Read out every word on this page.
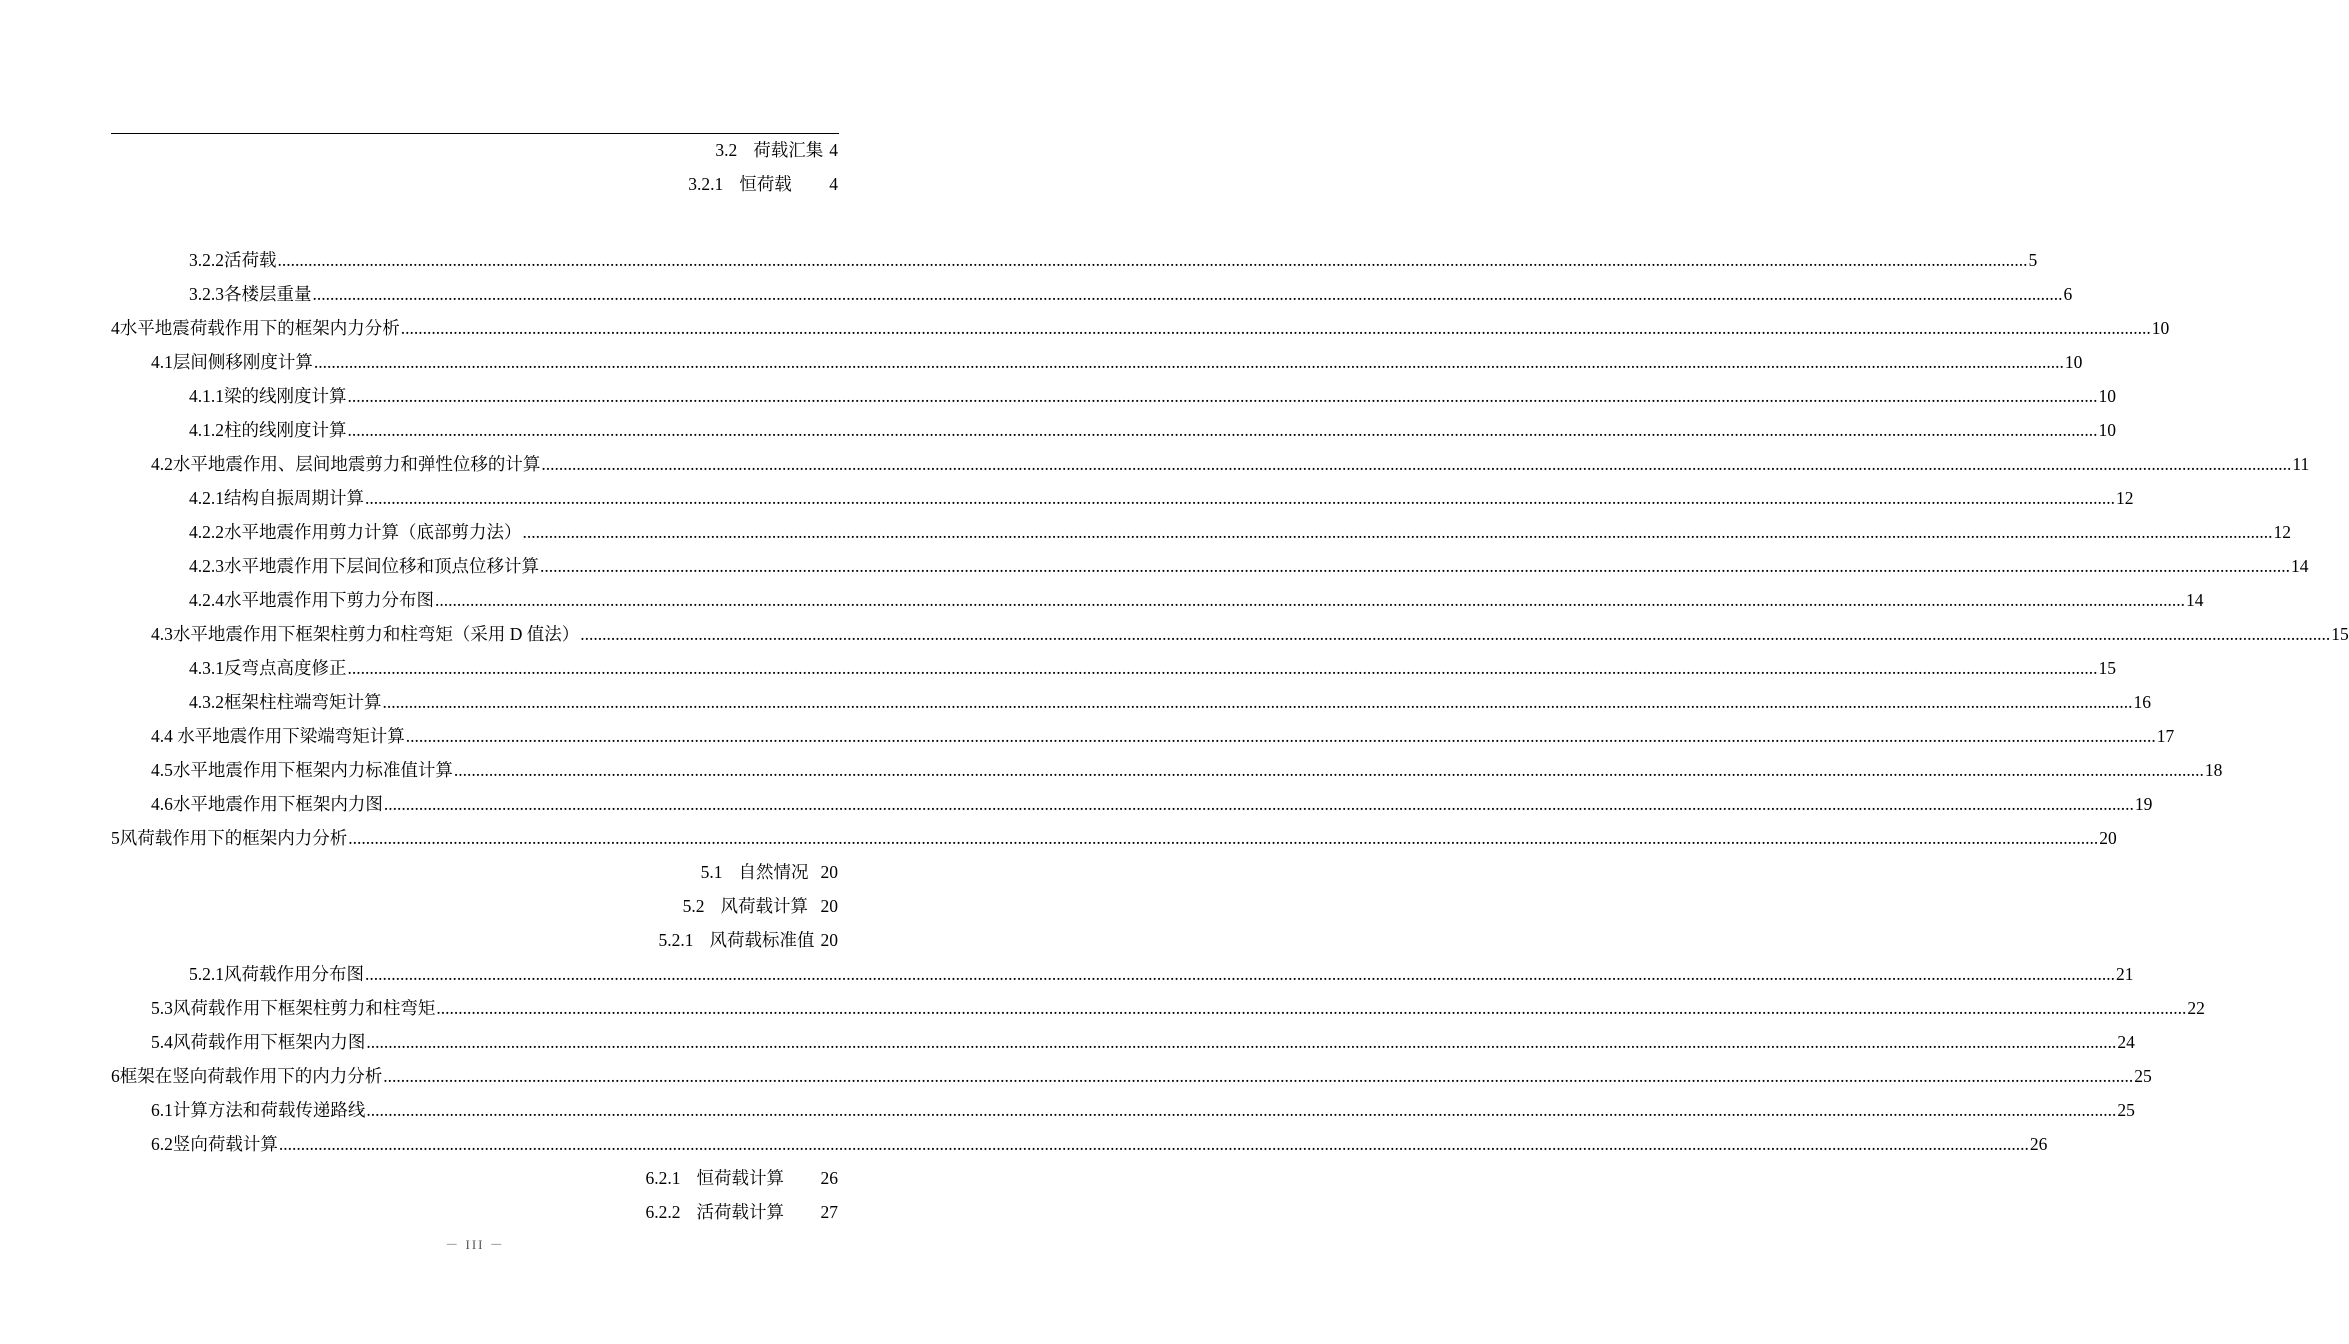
3.2 荷载汇集 4
3.2.1 恒荷载	4
3.2.2 活荷载 ................................................................................................................................................................................................................................................................................................................................................................................................................ 5
3.2.3 各楼层重量 ................................................................................................................................................................................................................................................................................................................................................................................................................ 6
4 水平地震荷载作用下的框架内力分析 ................................................................................................................................................................................................................................................................................................................................................................................................................ 10
4.1 层间侧移刚度计算 ................................................................................................................................................................................................................................................................................................................................................................................................................ 10
4.1.1 梁的线刚度计算 ................................................................................................................................................................................................................................................................................................................................................................................................................ 10
4.1.2 柱的线刚度计算 ................................................................................................................................................................................................................................................................................................................................................................................................................ 10
4.2 水平地震作用、层间地震剪力和弹性位移的计算 ................................................................................................................................................................................................................................................................................................................................................................................................................ 11
4.2.1 结构自振周期计算 ................................................................................................................................................................................................................................................................................................................................................................................................................ 12
4.2.2 水平地震作用剪力计算（底部剪力法） ................................................................................................................................................................................................................................................................................................................................................................................................................ 12
4.2.3 水平地震作用下层间位移和顶点位移计算 ................................................................................................................................................................................................................................................................................................................................................................................................................ 14
4.2.4 水平地震作用下剪力分布图 ................................................................................................................................................................................................................................................................................................................................................................................................................ 14
4.3 水平地震作用下框架柱剪力和柱弯矩（采用 D 值法） ................................................................................................................................................................................................................................................................................................................................................................................................................ 15
4.3.1 反弯点高度修正 ................................................................................................................................................................................................................................................................................................................................................................................................................ 15
4.3.2 框架柱柱端弯矩计算 ................................................................................................................................................................................................................................................................................................................................................................................................................ 16
4.4 水平地震作用下梁端弯矩计算 ................................................................................................................................................................................................................................................................................................................................................................................................................ 17
4.5 水平地震作用下框架内力标准值计算 ................................................................................................................................................................................................................................................................................................................................................................................................................ 18
4.6 水平地震作用下框架内力图 ................................................................................................................................................................................................................................................................................................................................................................................................................ 19
5 风荷载作用下的框架内力分析 ................................................................................................................................................................................................................................................................................................................................................................................................................ 20
5.1 自然情况 20
5.2 风荷载计算 20
5.2.1 风荷载标准值 20
5.2.1 风荷载作用分布图 ................................................................................................................................................................................................................................................................................................................................................................................................................ 21
5.3 风荷载作用下框架柱剪力和柱弯矩 ................................................................................................................................................................................................................................................................................................................................................................................................................ 22
5.4 风荷载作用下框架内力图 ................................................................................................................................................................................................................................................................................................................................................................................................................ 24
6 框架在竖向荷载作用下的内力分析 ................................................................................................................................................................................................................................................................................................................................................................................................................ 25
6.1 计算方法和荷载传递路线 ................................................................................................................................................................................................................................................................................................................................................................................................................ 25
6.2 竖向荷载计算 ................................................................................................................................................................................................................................................................................................................................................................................................................ 26
6.2.1 恒荷载计算	26
6.2.2 活荷载计算	27
－ III －
